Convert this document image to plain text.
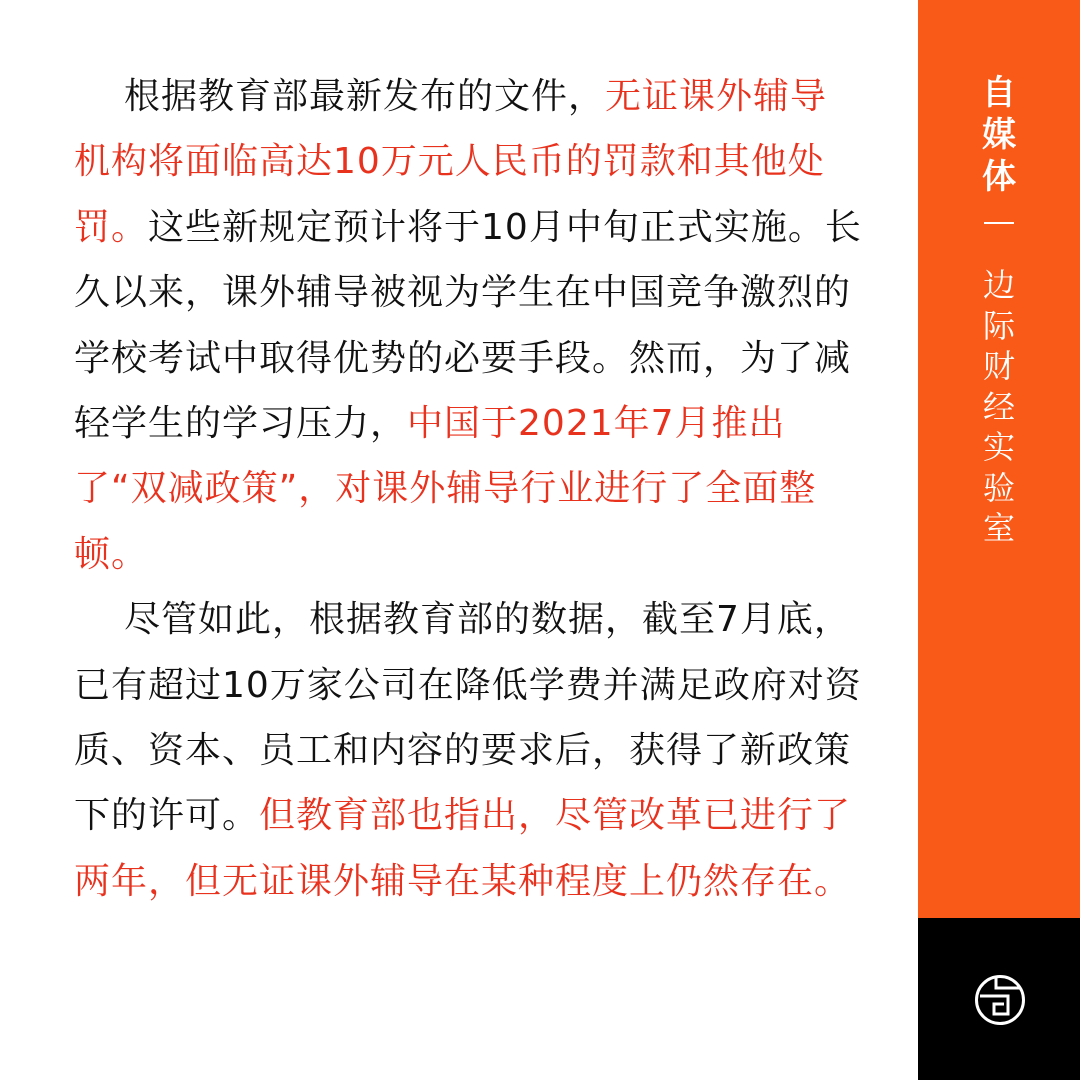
根据教育部最新发布的文件，无证课外辅导机构将面临高达10万元人民币的罚款和其他处罚。这些新规定预计将于10月中旬正式实施。长久以来，课外辅导被视为学生在中国竞争激烈的学校考试中取得优势的必要手段。然而，为了减轻学生的学习压力，中国于2021年7月推出了“双减政策”，对课外辅导行业进行了全面整顿。

尽管如此，根据教育部的数据，截至7月底，已有超过10万家公司在降低学费并满足政府对资质、资本、员工和内容的要求后，获得了新政策下的许可。但教育部也指出，尽管改革已进行了两年，但无证课外辅导在某种程度上仍然存在。

自
媒
体
边
际
财
经
实
验
室
